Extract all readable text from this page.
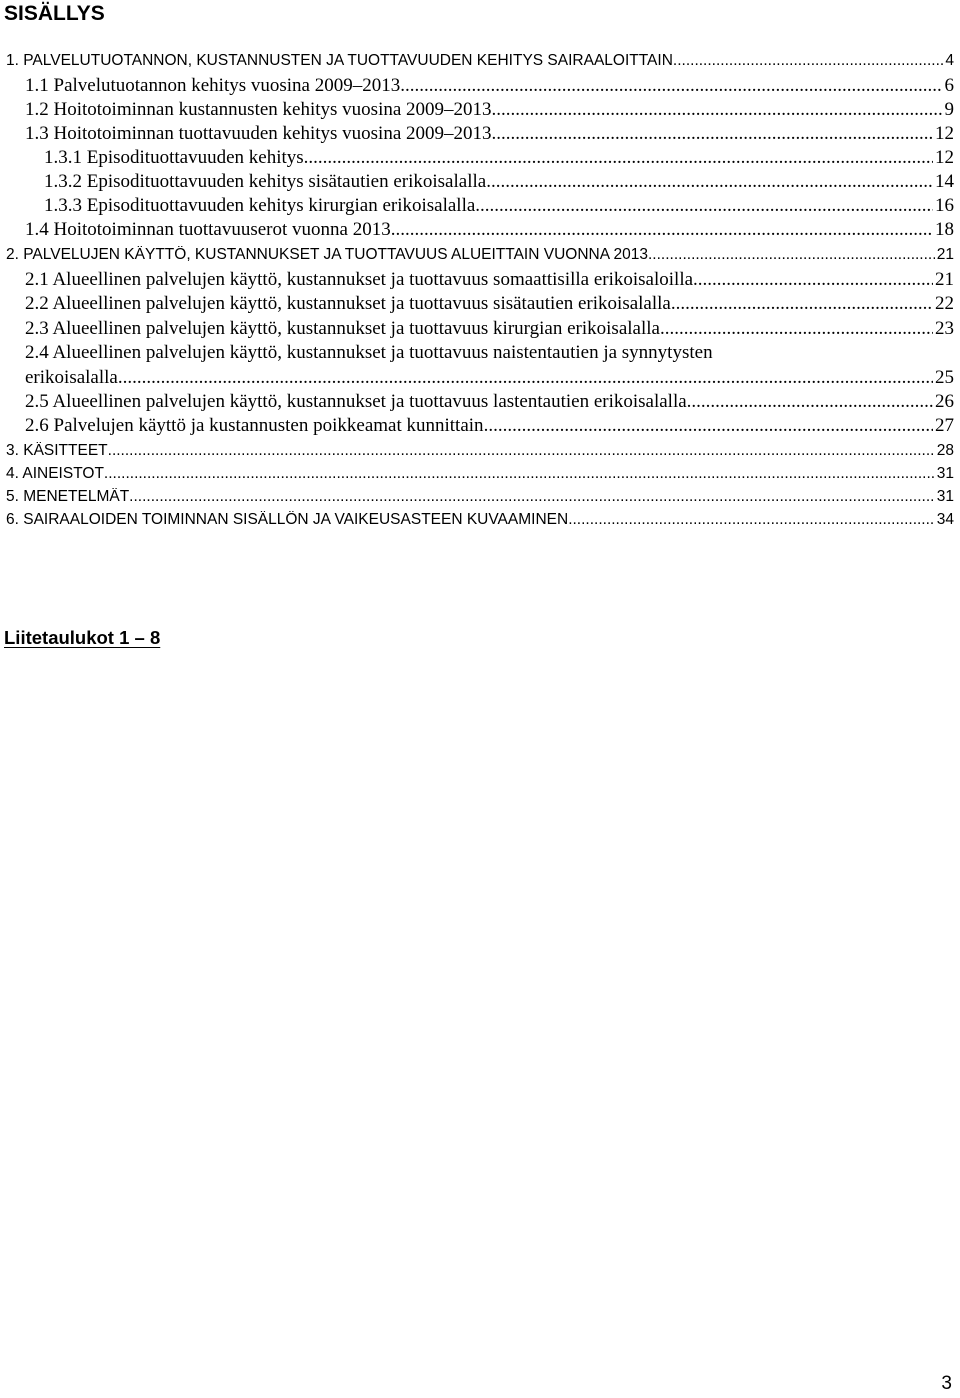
SISÄLLYS
1. PALVELUTUOTANNON, KUSTANNUSTEN JA TUOTTAVUUDEN KEHITYS SAIRAALOITTAIN .....	4
1.1 Palvelutuotannon kehitys vuosina 2009–2013 .....	6
1.2 Hoitotoiminnan kustannusten kehitys vuosina 2009–2013 .....	9
1.3 Hoitotoiminnan tuottavuuden kehitys vuosina 2009–2013 .....	12
1.3.1 Episodituottavuuden kehitys .....	12
1.3.2 Episodituottavuuden kehitys sisätautien erikoisalalla .....	14
1.3.3 Episodituottavuuden kehitys kirurgian erikoisalalla .....	16
1.4 Hoitotoiminnan tuottavuuserot vuonna 2013 .....	18
2. PALVELUJEN KÄYTTÖ, KUSTANNUKSET JA TUOTTAVUUS ALUEITTAIN VUONNA 2013 .....	21
2.1 Alueellinen palvelujen käyttö, kustannukset ja tuottavuus somaattisilla erikoisaloilla .....	21
2.2 Alueellinen palvelujen käyttö, kustannukset ja tuottavuus sisätautien erikoisalalla .....	22
2.3 Alueellinen palvelujen käyttö, kustannukset ja tuottavuus kirurgian erikoisalalla .....	23
2.4 Alueellinen palvelujen käyttö, kustannukset ja tuottavuus naistentautien ja synnytysten
erikoisalalla .....	25
2.5 Alueellinen palvelujen käyttö, kustannukset ja tuottavuus lastentautien erikoisalalla .....	26
2.6 Palvelujen käyttö ja kustannusten poikkeamat kunnittain .....	27
3. KÄSITTEET .....	28
4. AINEISTOT .....	31
5. MENETELMÄT .....	31
6. SAIRAALOIDEN TOIMINNAN SISÄLLÖN JA VAIKEUSASTEEN KUVAAMINEN .....	34
Liitetaulukot 1 – 8
3
